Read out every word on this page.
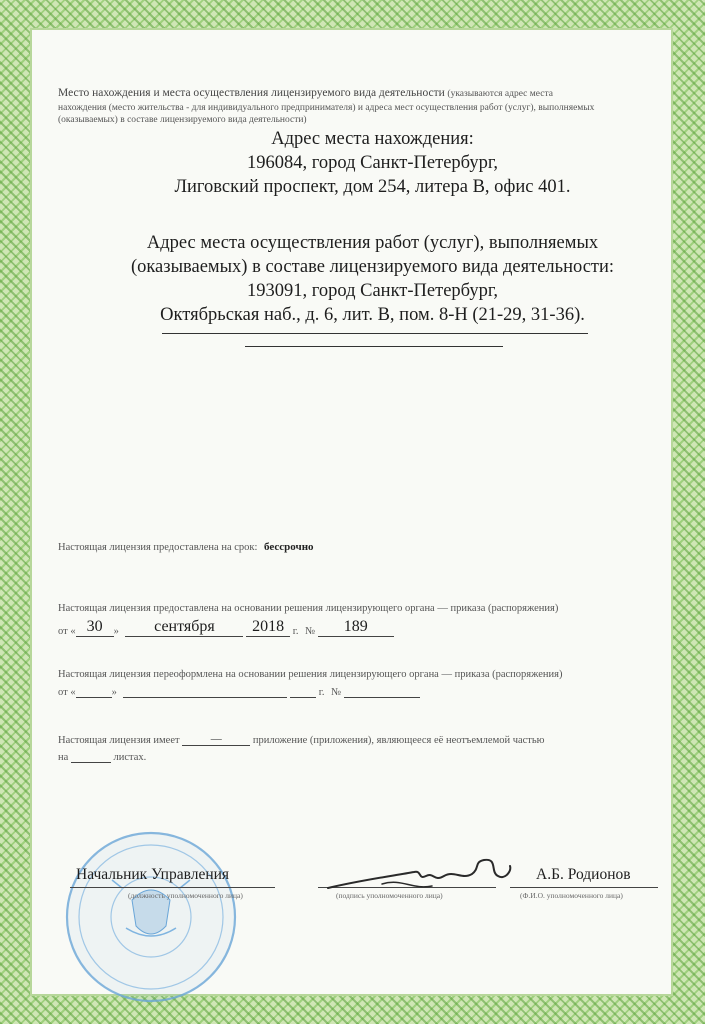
Место нахождения и места осуществления лицензируемого вида деятельности (указываются адрес места
нахождения (место жительства - для индивидуального предпринимателя) и адреса мест осуществления работ (услуг), выполняемых
(оказываемых) в составе лицензируемого вида деятельности)
Адрес места нахождения:
196084, город Санкт-Петербург,
Лиговский проспект, дом 254, литера В, офис 401.
Адрес места осуществления работ (услуг), выполняемых
(оказываемых) в составе лицензируемого вида деятельности:
193091, город Санкт-Петербург,
Октябрьская наб., д. 6, лит. В, пом. 8-Н (21-29, 31-36).
Настоящая лицензия предоставлена на срок: бессрочно
Настоящая лицензия предоставлена на основании решения лицензирующего органа — приказа (распоряжения)
от « 30 » сентября 2018 г. № 189
Настоящая лицензия переоформлена на основании решения лицензирующего органа — приказа (распоряжения)
от «	»	г. №
Настоящая лицензия имеет	—	приложение (приложения), являющееся её неотъемлемой частью
на	листах.
Начальник Управления
(должность уполномоченного лица)	(подпись уполномоченного лица)
А.Б. Родионов
(Ф.И.О. уполномоченного лица)
